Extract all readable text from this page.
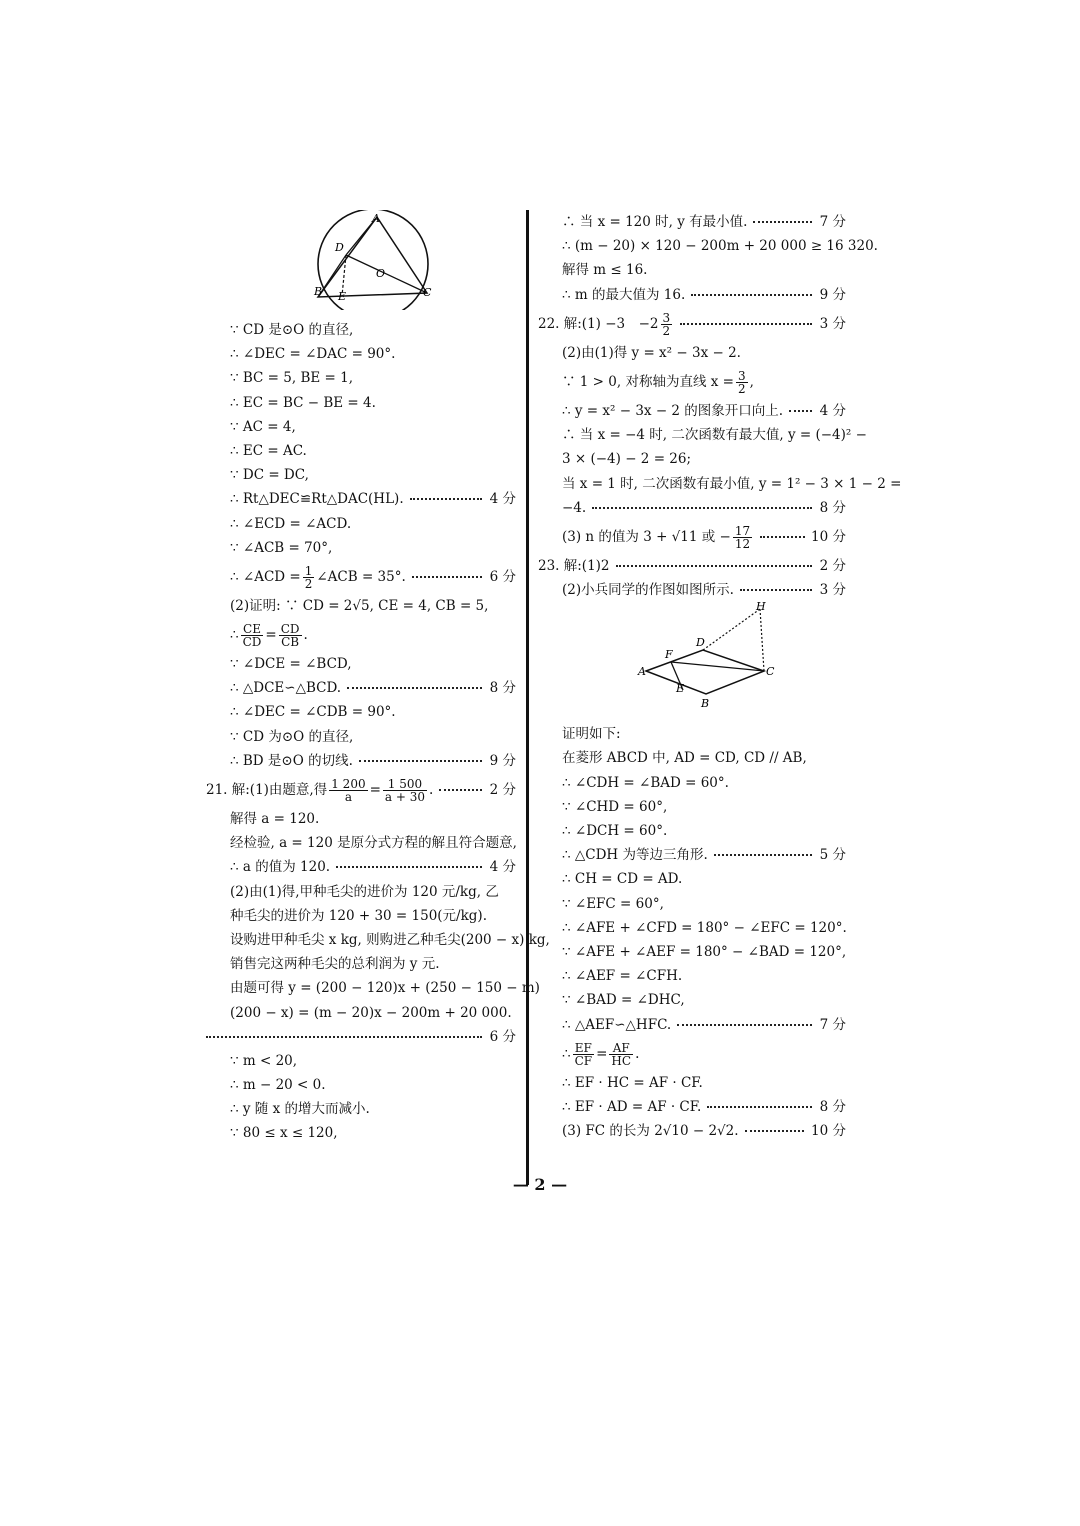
A
D
O
B E	C
∵ CD 是⊙O 的直径,
∴ ∠DEC = ∠DAC = 90°.
∵ BC = 5, BE = 1,
∴ EC = BC − BE = 4.
∵ AC = 4,
∴ EC = AC.
∵ DC = DC,
∴ Rt△DEC≌Rt△DAC(HL).	4 分
∴ ∠ECD = ∠ACD.
∵ ∠ACB = 70°,
∴ ∠ACD = $\frac{1}{2}$ ∠ACB = 35°.	6 分
(2)证明: ∵ CD = 2√5, CE = 4, CB = 5,
∴ $\frac{CE}{CD} = \frac{CD}{CB}$ .
∵ ∠DCE = ∠BCD,
∴ △DCE∽△BCD.	8 分
∴ ∠DEC = ∠CDB = 90°.
∵ CD 为⊙O 的直径,
∴ BD 是⊙O 的切线.	9 分
21. 解:(1)由题意,得 $\frac{1 200}{a} = \frac{1 500}{a + 30}$ .	2 分
解得 a = 120.
经检验, a = 120 是原分式方程的解且符合题意,
∴ a 的值为 120.	4 分
(2)由(1)得,甲种毛尖的进价为 120 元/kg, 乙
种毛尖的进价为 120 + 30 = 150(元/kg).
设购进甲种毛尖 x kg, 则购进乙种毛尖(200 − x) kg,
销售完这两种毛尖的总利润为 y 元.
由题可得 y = (200 − 120)x + (250 − 150 − m)
(200 − x) = (m − 20)x − 200m + 20 000.
6 分
∵ m < 20,
∴ m − 20 < 0.
∴ y 随 x 的增大而减小.
∵ 80 ≤ x ≤ 120,
∴ 当 x = 120 时, y 有最小值.	7 分
∴ (m − 20) × 120 − 200m + 20 000 ≥ 16 320.
解得 m ≤ 16.
∴ m 的最大值为 16.	9 分
22. 解:(1) −3　$-2 \frac{3}{2}$	3 分
(2)由(1)得 y = x² − 3x − 2.
∵ 1 > 0, 对称轴为直线 $x = \frac{3}{2}$ ,
∴ y = x² − 3x − 2 的图象开口向上.	4 分
∴ 当 x = −4 时, 二次函数有最大值, y = (−4)² −
3 × (−4) − 2 = 26;
当 x = 1 时, 二次函数有最小值, y = 1² − 3 × 1 − 2 =
−4.	8 分
(3) n 的值为 3 + √11 或 − $\frac{17}{12}$	10 分
23. 解:(1)2	2 分
(2)小兵同学的作图如图所示.	3 分
H
D
A
F
C
E
B
证明如下:
在菱形 ABCD 中, AD = CD, CD // AB,
∴ ∠CDH = ∠BAD = 60°.
∵ ∠CHD = 60°,
∴ ∠DCH = 60°.
∴ △CDH 为等边三角形.	5 分
∴ CH = CD = AD.
∵ ∠EFC = 60°,
∴ ∠AFE + ∠CFD = 180° − ∠EFC = 120°.
∵ ∠AFE + ∠AEF = 180° − ∠BAD = 120°,
∴ ∠AEF = ∠CFH.
∵ ∠BAD = ∠DHC,
∴ △AEF∽△HFC.	7 分
∴ $\frac{EF}{CF} = \frac{AF}{HC}$ .
∴ EF · HC = AF · CF.
∴ EF · AD = AF · CF.	8 分
(3) FC 的长为 2√10 − 2√2.	10 分
— 2 —
